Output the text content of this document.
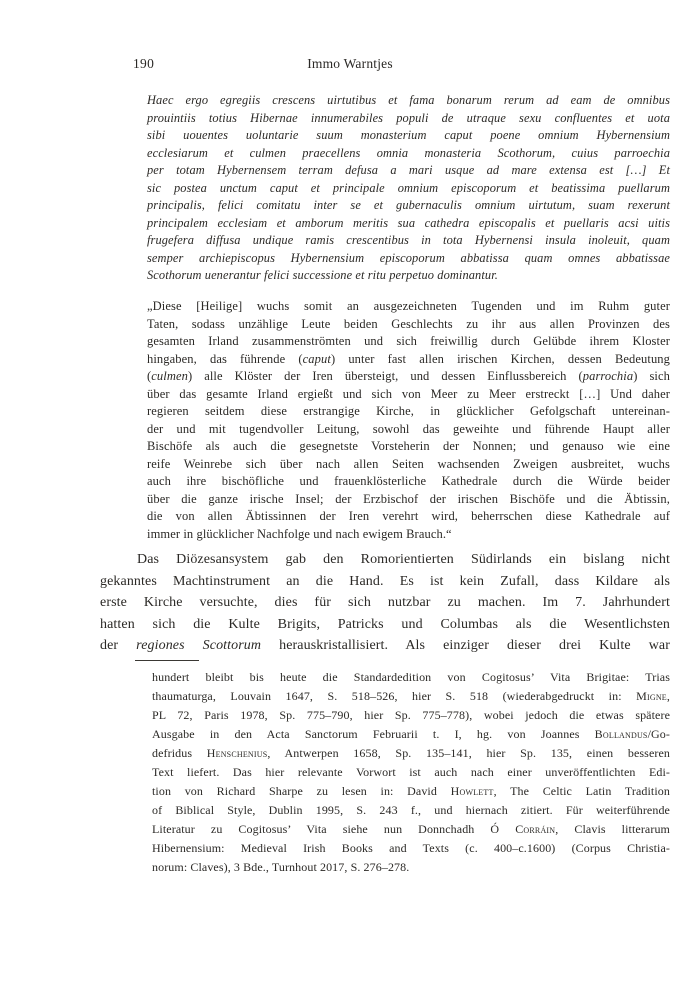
190	Immo Warntjes
Haec ergo egregiis crescens uirtutibus et fama bonarum rerum ad eam de omnibus
prouintiis totius Hibernae innumerabiles populi de utraque sexu confluentes et uota
sibi uouentes uoluntarie suum monasterium caput poene omnium Hybernensium
ecclesiarum et culmen praecellens omnia monasteria Scothorum, cuius parroechia
per totam Hybernensem terram defusa a mari usque ad mare extensa est […] Et
sic postea unctum caput et principale omnium episcoporum et beatissima puellarum
principalis, felici comitatu inter se et gubernaculis omnium uirtutum, suam rexerunt
principalem ecclesiam et amborum meritis sua cathedra episcopalis et puellaris acsi uitis
frugefera diffusa undique ramis crescentibus in tota Hybernensi insula inoleuit, quam
semper archiepiscopus Hybernensium episcoporum abbatissa quam omnes abbatissae
Scothorum uenerantur felici successione et ritu perpetuo dominantur.
„Diese [Heilige] wuchs somit an ausgezeichneten Tugenden und im Ruhm guter
Taten, sodass unzählige Leute beiden Geschlechts zu ihr aus allen Provinzen des
gesamten Irland zusammenströmten und sich freiwillig durch Gelübde ihrem Kloster
hingaben, das führende (caput) unter fast allen irischen Kirchen, dessen Bedeutung
(culmen) alle Klöster der Iren übersteigt, und dessen Einflussbereich (parrochia) sich
über das gesamte Irland ergießt und sich von Meer zu Meer erstreckt […] Und daher
regieren seitdem diese erstrangige Kirche, in glücklicher Gefolgschaft untereinan-
der und mit tugendvoller Leitung, sowohl das geweihte und führende Haupt aller
Bischöfe als auch die gesegnetste Vorsteherin der Nonnen; und genauso wie eine
reife Weinrebe sich über nach allen Seiten wachsenden Zweigen ausbreitet, wuchs
auch ihre bischöfliche und frauenklösterliche Kathedrale durch die Würde beider
über die ganze irische Insel; der Erzbischof der irischen Bischöfe und die Äbtissin,
die von allen Äbtissinnen der Iren verehrt wird, beherrschen diese Kathedrale auf
immer in glücklicher Nachfolge und nach ewigem Brauch.“
Das Diözesansystem gab den Romorientierten Südirlands ein bislang nicht
gekanntes Machtinstrument an die Hand. Es ist kein Zufall, dass Kildare als
erste Kirche versuchte, dies für sich nutzbar zu machen. Im 7. Jahrhundert
hatten sich die Kulte Brigits, Patricks und Columbas als die Wesentlichsten
der regiones Scottorum herauskristallisiert. Als einziger dieser drei Kulte war
hundert bleibt bis heute die Standardedition von Cogitosus’ Vita Brigitae: Trias
thaumaturga, Louvain 1647, S. 518–526, hier S. 518 (wiederabgedruckt in: Migne,
PL 72, Paris 1978, Sp. 775–790, hier Sp. 775–778), wobei jedoch die etwas spätere
Ausgabe in den Acta Sanctorum Februarii t. I, hg. von Joannes Bollandus/Go-
defridus Henschenius, Antwerpen 1658, Sp. 135–141, hier Sp. 135, einen besseren
Text liefert. Das hier relevante Vorwort ist auch nach einer unveröffentlichten Edi-
tion von Richard Sharpe zu lesen in: David Howlett, The Celtic Latin Tradition
of Biblical Style, Dublin 1995, S. 243 f., und hiernach zitiert. Für weiterführende
Literatur zu Cogitosus’ Vita siehe nun Donnchadh Ó Corráin, Clavis litterarum
Hibernensium: Medieval Irish Books and Texts (c. 400–c.1600) (Corpus Christia-
norum: Claves), 3 Bde., Turnhout 2017, S. 276–278.
